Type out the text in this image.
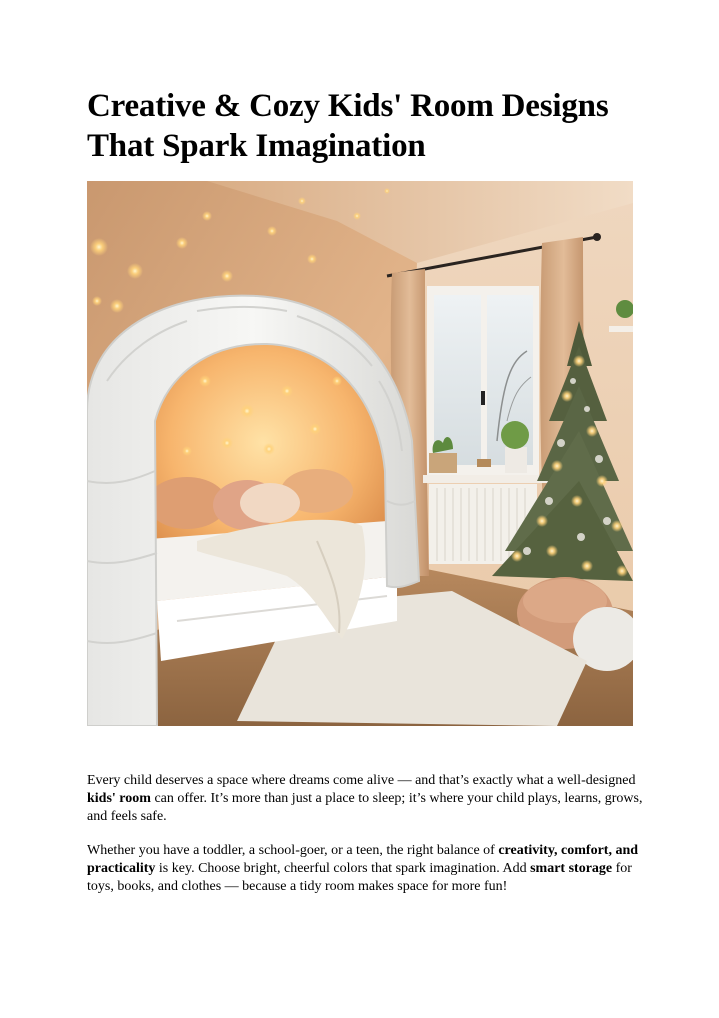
Creative & Cozy Kids' Room Designs
That Spark Imagination

Every child deserves a space where dreams come alive — and that’s exactly what a well-designed kids' room can offer. It’s more than just a place to sleep; it’s where your child plays, learns, grows, and feels safe.

Whether you have a toddler, a school-goer, or a teen, the right balance of creativity, comfort, and practicality is key. Choose bright, cheerful colors that spark imagination. Add smart storage for toys, books, and clothes — because a tidy room makes space for more fun!
